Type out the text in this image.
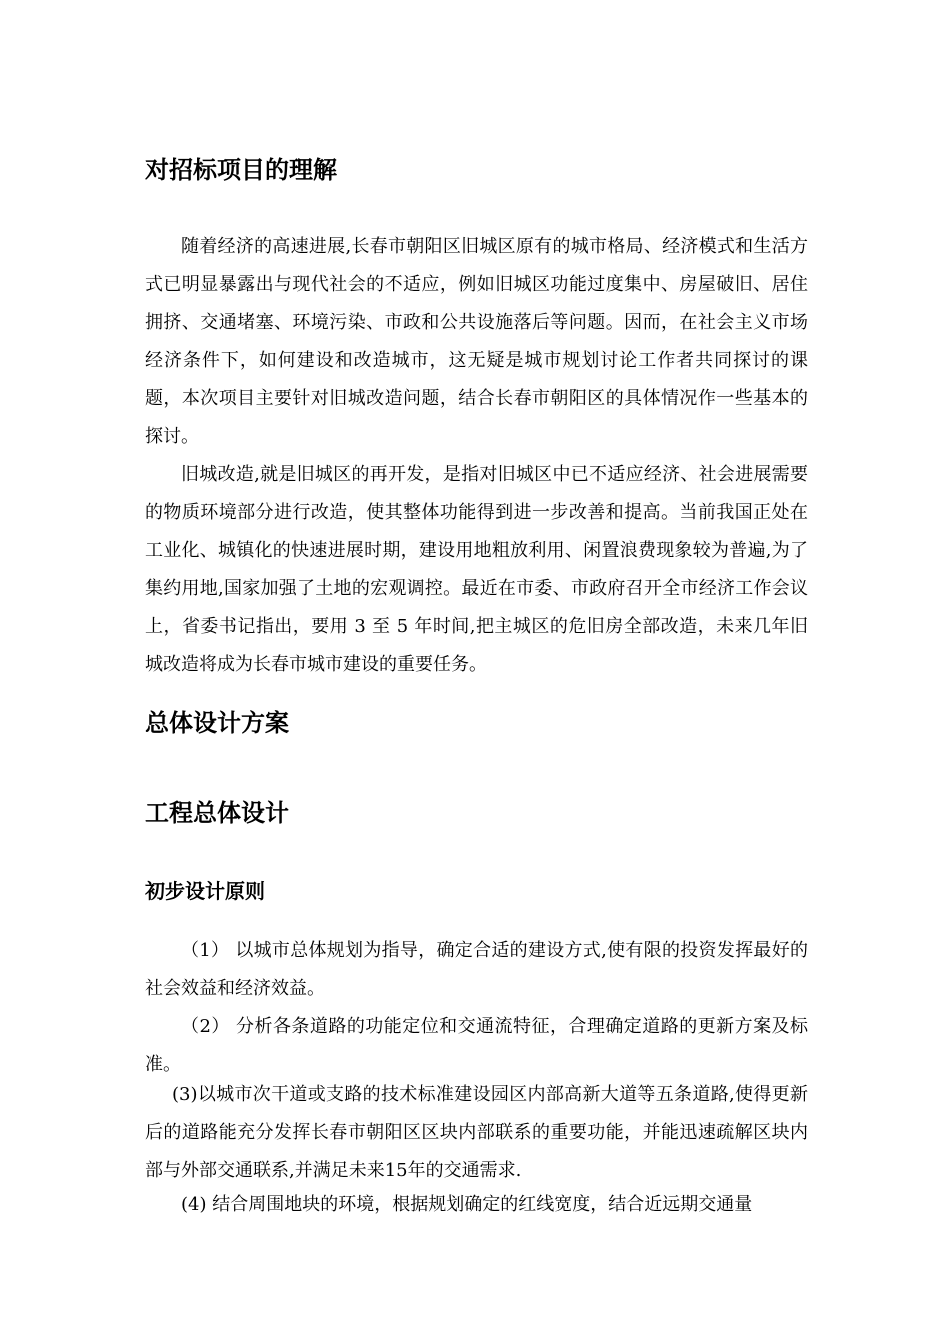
对招标项目的理解

随着经济的高速进展,长春市朝阳区旧城区原有的城市格局、经济模式和生活方式已明显暴露出与现代社会的不适应，例如旧城区功能过度集中、房屋破旧、居住拥挤、交通堵塞、环境污染、市政和公共设施落后等问题。因而，在社会主义市场经济条件下，如何建设和改造城市，这无疑是城市规划讨论工作者共同探讨的课题，本次项目主要针对旧城改造问题，结合长春市朝阳区的具体情况作一些基本的探讨。

旧城改造,就是旧城区的再开发，是指对旧城区中已不适应经济、社会进展需要的物质环境部分进行改造，使其整体功能得到进一步改善和提高。当前我国正处在工业化、城镇化的快速进展时期，建设用地粗放利用、闲置浪费现象较为普遍,为了集约用地,国家加强了土地的宏观调控。最近在市委、市政府召开全市经济工作会议上，省委书记指出，要用 3 至 5 年时间,把主城区的危旧房全部改造，未来几年旧城改造将成为长春市城市建设的重要任务。

总体设计方案
工程总体设计
初步设计原则

（1） 以城市总体规划为指导，确定合适的建设方式,使有限的投资发挥最好的社会效益和经济效益。

（2） 分析各条道路的功能定位和交通流特征，合理确定道路的更新方案及标准。

(3)以城市次干道或支路的技术标准建设园区内部高新大道等五条道路,使得更新后的道路能充分发挥长春市朝阳区区块内部联系的重要功能，并能迅速疏解区块内部与外部交通联系,并满足未来15年的交通需求.

(4) 结合周围地块的环境，根据规划确定的红线宽度，结合近远期交通量
